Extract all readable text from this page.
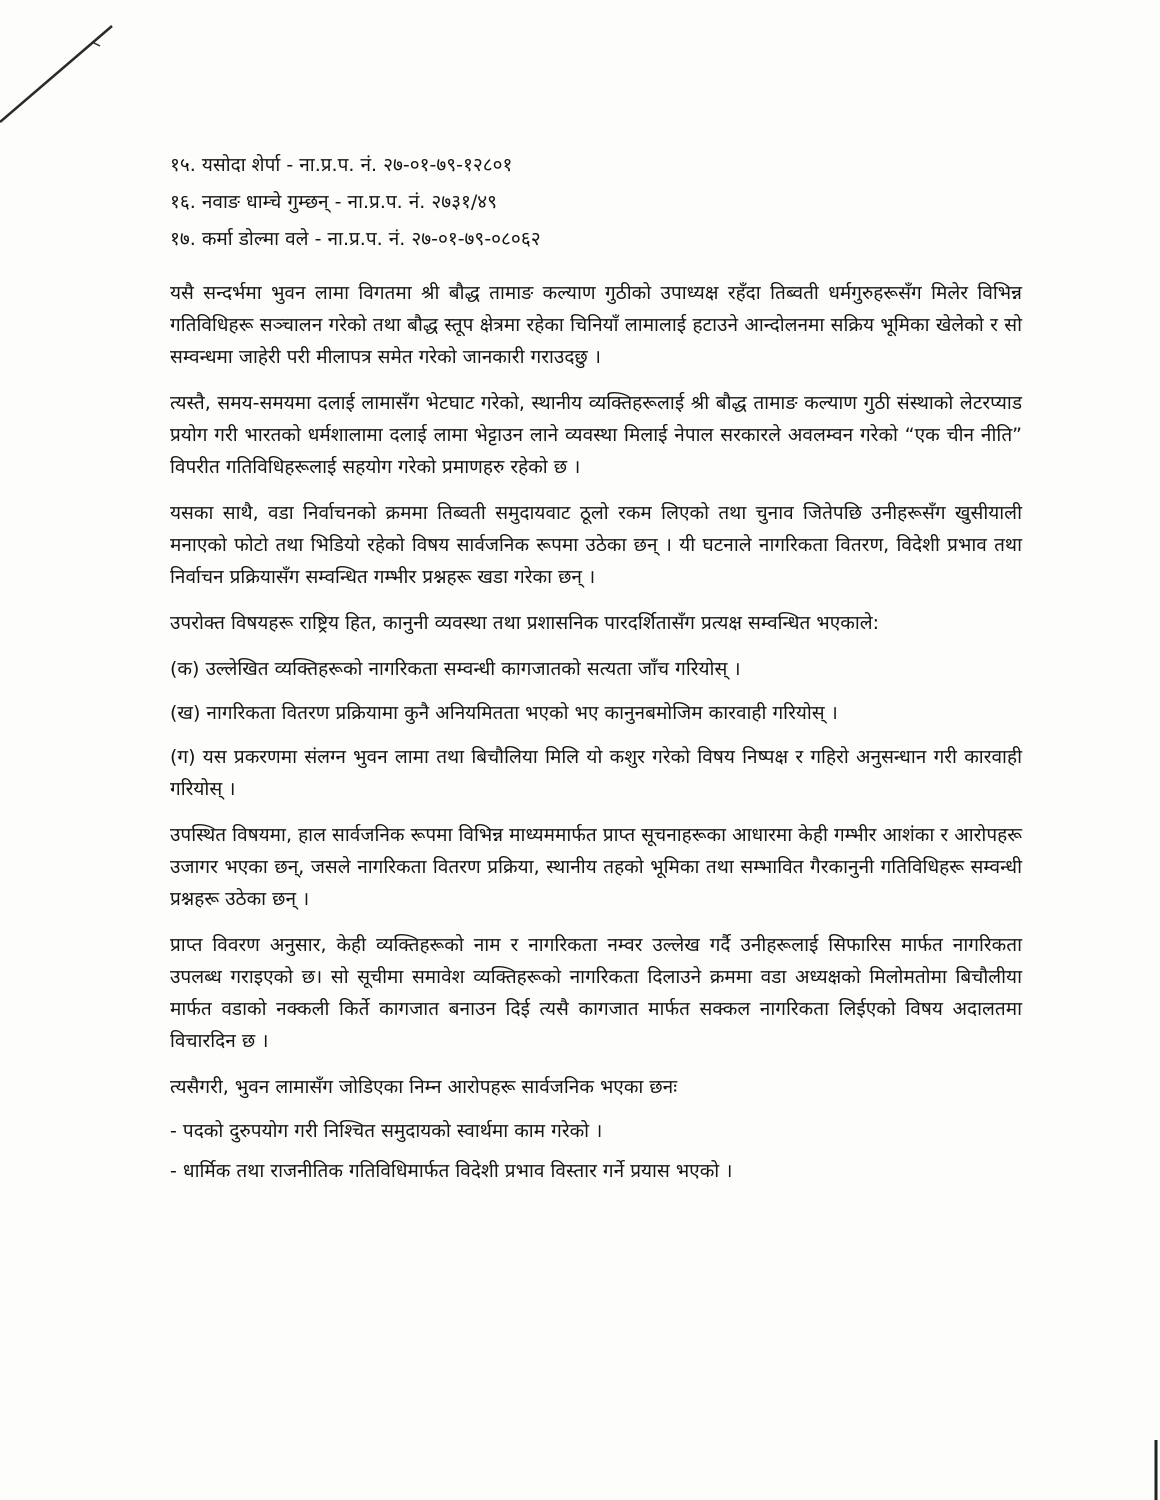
१५. यसोदा शेर्पा - ना.प्र.प. नं. २७-०१-७९-१२८०१
१६. नवाङ धाम्चे गुम्छन् - ना.प्र.प. नं. २७३१/४९
१७. कर्मा डोल्मा वले - ना.प्र.प. नं. २७-०१-७९-०८०६२

यसै सन्दर्भमा भुवन लामा विगतमा श्री बौद्ध तामाङ कल्याण गुठीको उपाध्यक्ष रहँदा तिब्वती धर्मगुरुहरूसँग मिलेर विभिन्न गतिविधिहरू सञ्चालन गरेको तथा बौद्ध स्तूप क्षेत्रमा रहेका चिनियाँ लामालाई हटाउने आन्दोलनमा सक्रिय भूमिका खेलेको र सो सम्वन्धमा जाहेरी परी मीलापत्र समेत गरेको जानकारी गराउदछु ।

त्यस्तै, समय-समयमा दलाई लामासँग भेटघाट गरेको, स्थानीय व्यक्तिहरूलाई श्री बौद्ध तामाङ कल्याण गुठी संस्थाको लेटरप्याड प्रयोग गरी भारतको धर्मशालामा दलाई लामा भेट्टाउन लाने व्यवस्था मिलाई नेपाल सरकारले अवलम्वन गरेको “एक चीन नीति” विपरीत गतिविधिहरूलाई सहयोग गरेको प्रमाणहरु रहेको छ ।

यसका साथै, वडा निर्वाचनको क्रममा तिब्वती समुदायवाट ठूलो रकम लिएको तथा चुनाव जितेपछि उनीहरूसँग खुसीयाली मनाएको फोटो तथा भिडियो रहेको विषय सार्वजनिक रूपमा उठेका छन् । यी घटनाले नागरिकता वितरण, विदेशी प्रभाव तथा निर्वाचन प्रक्रियासँग सम्वन्धित गम्भीर प्रश्नहरू खडा गरेका छन् ।

उपरोक्त विषयहरू राष्ट्रिय हित, कानुनी व्यवस्था तथा प्रशासनिक पारदर्शितासँग प्रत्यक्ष सम्वन्धित भएकाले:

(क) उल्लेखित व्यक्तिहरूको नागरिकता सम्वन्धी कागजातको सत्यता जाँच गरियोस् ।

(ख) नागरिकता वितरण प्रक्रियामा कुनै अनियमितता भएको भए कानुनबमोजिम कारवाही गरियोस् ।

(ग) यस प्रकरणमा संलग्न भुवन लामा तथा बिचौलिया मिलि यो कशुर गरेको विषय निष्पक्ष र गहिरो अनुसन्धान गरी कारवाही गरियोस् ।

उपस्थित विषयमा, हाल सार्वजनिक रूपमा विभिन्न माध्यममार्फत प्राप्त सूचनाहरूका आधारमा केही गम्भीर आशंका र आरोपहरू उजागर भएका छन्, जसले नागरिकता वितरण प्रक्रिया, स्थानीय तहको भूमिका तथा सम्भावित गैरकानुनी गतिविधिहरू सम्वन्धी प्रश्नहरू उठेका छन् ।

प्राप्त विवरण अनुसार, केही व्यक्तिहरूको नाम र नागरिकता नम्वर उल्लेख गर्दै उनीहरूलाई सिफारिस मार्फत नागरिकता उपलब्ध गराइएको छ। सो सूचीमा समावेश व्यक्तिहरूको नागरिकता दिलाउने क्रममा वडा अध्यक्षको मिलोमतोमा बिचौलीया मार्फत वडाको नक्कली किर्ते कागजात बनाउन दिई त्यसै कागजात मार्फत सक्कल नागरिकता लिईएको विषय अदालतमा विचारदिन छ ।

त्यसैगरी, भुवन लामासँग जोडिएका निम्न आरोपहरू सार्वजनिक भएका छनः

- पदको दुरुपयोग गरी निश्चित समुदायको स्वार्थमा काम गरेको ।

- धार्मिक तथा राजनीतिक गतिविधिमार्फत विदेशी प्रभाव विस्तार गर्ने प्रयास भएको ।
